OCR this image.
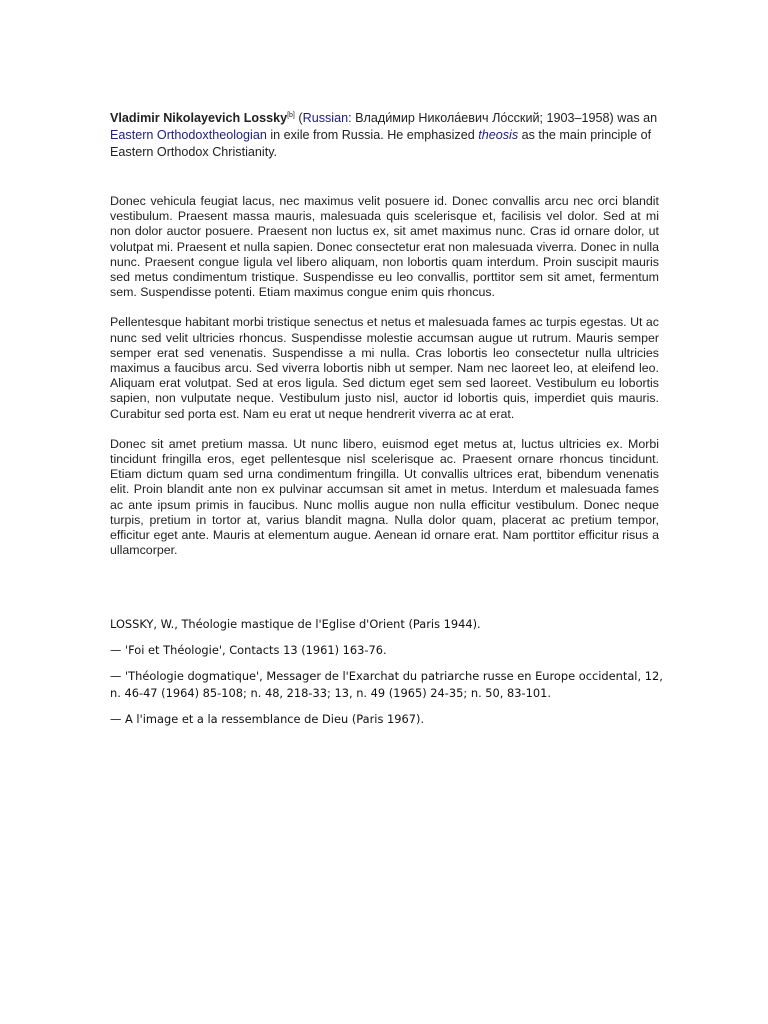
Vladimir Nikolayevich Lossky[b] (Russian: Влади́мир Никола́евич Ло́сский; 1903–1958) was an Eastern Orthodoxtheologian in exile from Russia. He emphasized theosis as the main principle of Eastern Orthodox Christianity.

Donec vehicula feugiat lacus, nec maximus velit posuere id. Donec convallis arcu nec orci blandit vestibulum. Praesent massa mauris, malesuada quis scelerisque et, facilisis vel dolor. Sed at mi non dolor auctor posuere. Praesent non luctus ex, sit amet maximus nunc. Cras id ornare dolor, ut volutpat mi. Praesent et nulla sapien. Donec consectetur erat non malesuada viverra. Donec in nulla nunc. Praesent congue ligula vel libero aliquam, non lobortis quam interdum. Proin suscipit mauris sed metus condimentum tristique. Suspendisse eu leo convallis, porttitor sem sit amet, fermentum sem. Suspendisse potenti. Etiam maximus congue enim quis rhoncus.

Pellentesque habitant morbi tristique senectus et netus et malesuada fames ac turpis egestas. Ut ac nunc sed velit ultricies rhoncus. Suspendisse molestie accumsan augue ut rutrum. Mauris semper semper erat sed venenatis. Suspendisse a mi nulla. Cras lobortis leo consectetur nulla ultricies maximus a faucibus arcu. Sed viverra lobortis nibh ut semper. Nam nec laoreet leo, at eleifend leo. Aliquam erat volutpat. Sed at eros ligula. Sed dictum eget sem sed laoreet. Vestibulum eu lobortis sapien, non vulputate neque. Vestibulum justo nisl, auctor id lobortis quis, imperdiet quis mauris. Curabitur sed porta est. Nam eu erat ut neque hendrerit viverra ac at erat.

Donec sit amet pretium massa. Ut nunc libero, euismod eget metus at, luctus ultricies ex. Morbi tincidunt fringilla eros, eget pellentesque nisl scelerisque ac. Praesent ornare rhoncus tincidunt. Etiam dictum quam sed urna condimentum fringilla. Ut convallis ultrices erat, bibendum venenatis elit. Proin blandit ante non ex pulvinar accumsan sit amet in metus. Interdum et malesuada fames ac ante ipsum primis in faucibus. Nunc mollis augue non nulla efficitur vestibulum. Donec neque turpis, pretium in tortor at, varius blandit magna. Nulla dolor quam, placerat ac pretium tempor, efficitur eget ante. Mauris at elementum augue. Aenean id ornare erat. Nam porttitor efficitur risus a ullamcorper.

LOSSKY, W., Théologie mastique de l'Eglise d'Orient (Paris 1944).

— 'Foi et Théologie', Contacts 13 (1961) 163-76.

— 'Théologie dogmatique', Messager de l'Exarchat du patriarche russe en Europe occidental, 12, n. 46-47 (1964) 85-108; n. 48, 218-33; 13, n. 49 (1965) 24-35; n. 50, 83-101.

— A l'image et a la ressemblance de Dieu (Paris 1967).
